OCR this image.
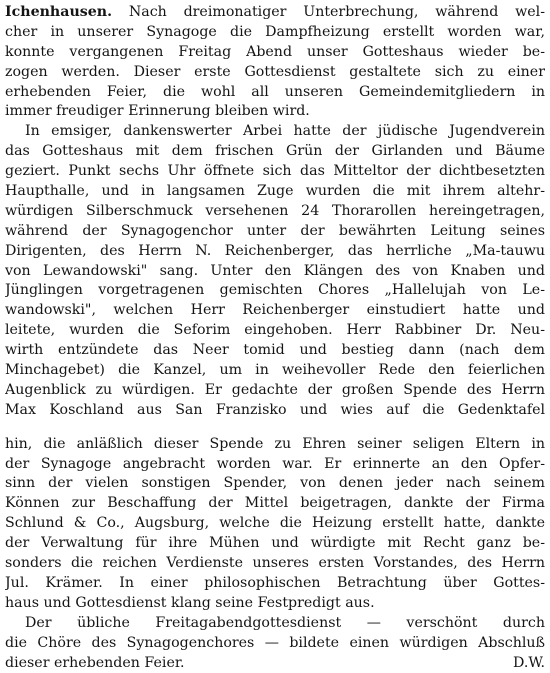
Ichenhausen. Nach dreimonatiger Unterbrechung, während wel-
cher in unserer Synagoge die Dampfheizung erstellt worden war,
konnte vergangenen Freitag Abend unser Gotteshaus wieder be-
zogen werden. Dieser erste Gottesdienst gestaltete sich zu einer
erhebenden Feier, die wohl all unseren Gemeindemitgliedern in
immer freudiger Erinnerung bleiben wird.
In emsiger, dankenswerter Arbei hatte der jüdische Jugendverein
das Gotteshaus mit dem frischen Grün der Girlanden und Bäume
geziert. Punkt sechs Uhr öffnete sich das Mitteltor der dichtbesetzten
Haupthalle, und in langsamen Zuge wurden die mit ihrem altehr-
würdigen Silberschmuck versehenen 24 Thorarollen hereingetragen,
während der Synagogenchor unter der bewährten Leitung seines
Dirigenten, des Herrn N. Reichenberger, das herrliche „Ma-tauwu
von Lewandowski" sang. Unter den Klängen des von Knaben und
Jünglingen vorgetragenen gemischten Chores „Hallelujah von Le-
wandowski", welchen Herr Reichenberger einstudiert hatte und
leitete, wurden die Seforim eingehoben. Herr Rabbiner Dr. Neu-
wirth entzündete das Neer tomid und bestieg dann (nach dem
Minchagebet) die Kanzel, um in weihevoller Rede den feierlichen
Augenblick zu würdigen. Er gedachte der großen Spende des Herrn
Max Koschland aus San Franzisko und wies auf die Gedenktafel
hin, die anläßlich dieser Spende zu Ehren seiner seligen Eltern in
der Synagoge angebracht worden war. Er erinnerte an den Opfer-
sinn der vielen sonstigen Spender, von denen jeder nach seinem
Können zur Beschaffung der Mittel beigetragen, dankte der Firma
Schlund & Co., Augsburg, welche die Heizung erstellt hatte, dankte
der Verwaltung für ihre Mühen und würdigte mit Recht ganz be-
sonders die reichen Verdienste unseres ersten Vorstandes, des Herrn
Jul. Krämer. In einer philosophischen Betrachtung über Gottes-
haus und Gottesdienst klang seine Festpredigt aus.
Der übliche Freitagabendgottesdienst — verschönt durch
die Chöre des Synagogenchores — bildete einen würdigen Abschluß
dieser erhebenden Feier.	D.W.
